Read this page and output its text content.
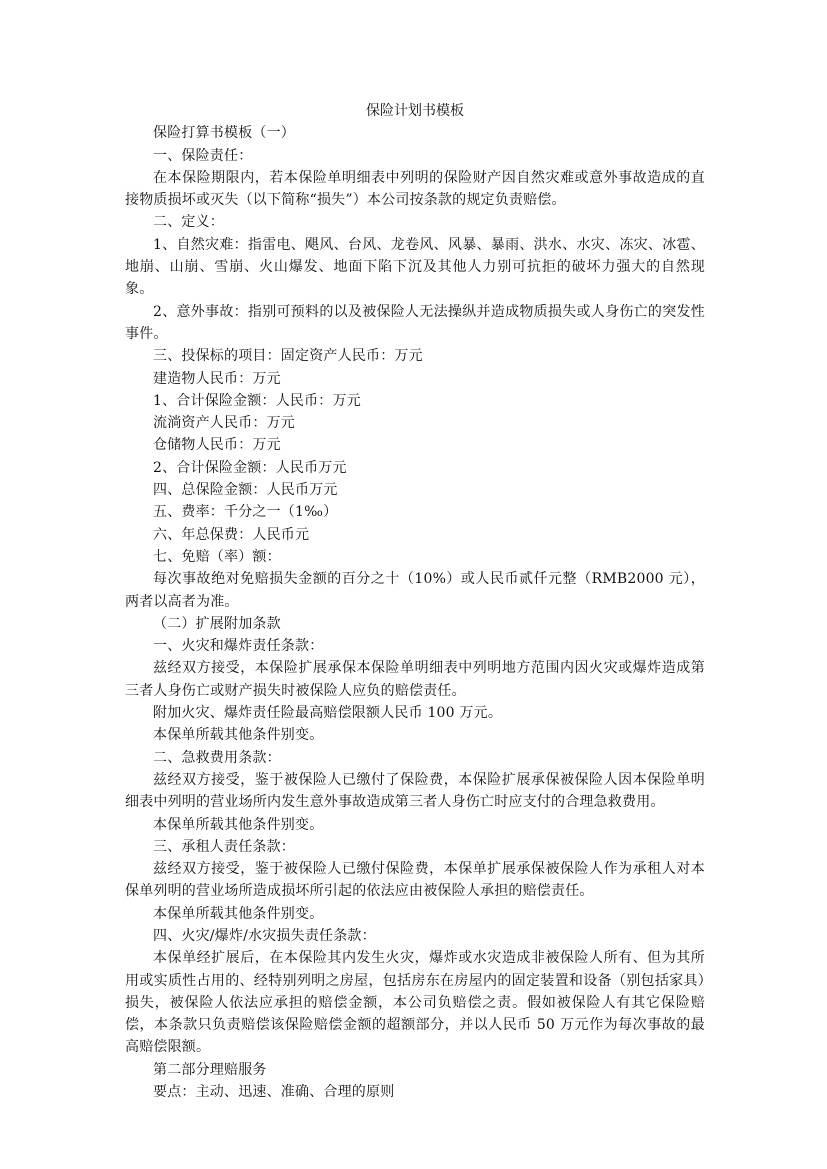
保险计划书模板

保险打算书模板（一）

一、保险责任：

在本保险期限内，若本保险单明细表中列明的保险财产因自然灾难或意外事故造成的直接物质损坏或灭失（以下简称“损失”）本公司按条款的规定负责赔偿。

二、定义：

1、自然灾难：指雷电、飓风、台风、龙卷风、风暴、暴雨、洪水、水灾、冻灾、冰雹、地崩、山崩、雪崩、火山爆发、地面下陷下沉及其他人力别可抗拒的破坏力强大的自然现象。

2、意外事故：指别可预料的以及被保险人无法操纵并造成物质损失或人身伤亡的突发性事件。

三、投保标的项目：固定资产人民币：万元

建造物人民币：万元

1、合计保险金额：人民币：万元

流淌资产人民币：万元

仓储物人民币：万元

2、合计保险金额：人民币万元

四、总保险金额：人民币万元

五、费率：千分之一（1‰）

六、年总保费：人民币元

七、免赔（率）额：

每次事故绝对免赔损失金额的百分之十（10%）或人民币贰仟元整（RMB2000 元），两者以高者为准。

（二）扩展附加条款

一、火灾和爆炸责任条款：

兹经双方接受，本保险扩展承保本保险单明细表中列明地方范围内因火灾或爆炸造成第三者人身伤亡或财产损失时被保险人应负的赔偿责任。

附加火灾、爆炸责任险最高赔偿限额人民币 100 万元。

本保单所载其他条件别变。

二、急救费用条款：

兹经双方接受，鉴于被保险人已缴付了保险费，本保险扩展承保被保险人因本保险单明细表中列明的营业场所内发生意外事故造成第三者人身伤亡时应支付的合理急救费用。

本保单所载其他条件别变。

三、承租人责任条款：

兹经双方接受，鉴于被保险人已缴付保险费，本保单扩展承保被保险人作为承租人对本保单列明的营业场所造成损坏所引起的依法应由被保险人承担的赔偿责任。

本保单所载其他条件别变。

四、火灾/爆炸/水灾损失责任条款：

本保单经扩展后，在本保险其内发生火灾，爆炸或水灾造成非被保险人所有、但为其所用或实质性占用的、经特别列明之房屋，包括房东在房屋内的固定装置和设备（别包括家具）损失，被保险人依法应承担的赔偿金额，本公司负赔偿之责。假如被保险人有其它保险赔偿，本条款只负责赔偿该保险赔偿金额的超额部分，并以人民币 50 万元作为每次事故的最高赔偿限额。

第二部分理赔服务

要点：主动、迅速、准确、合理的原则
